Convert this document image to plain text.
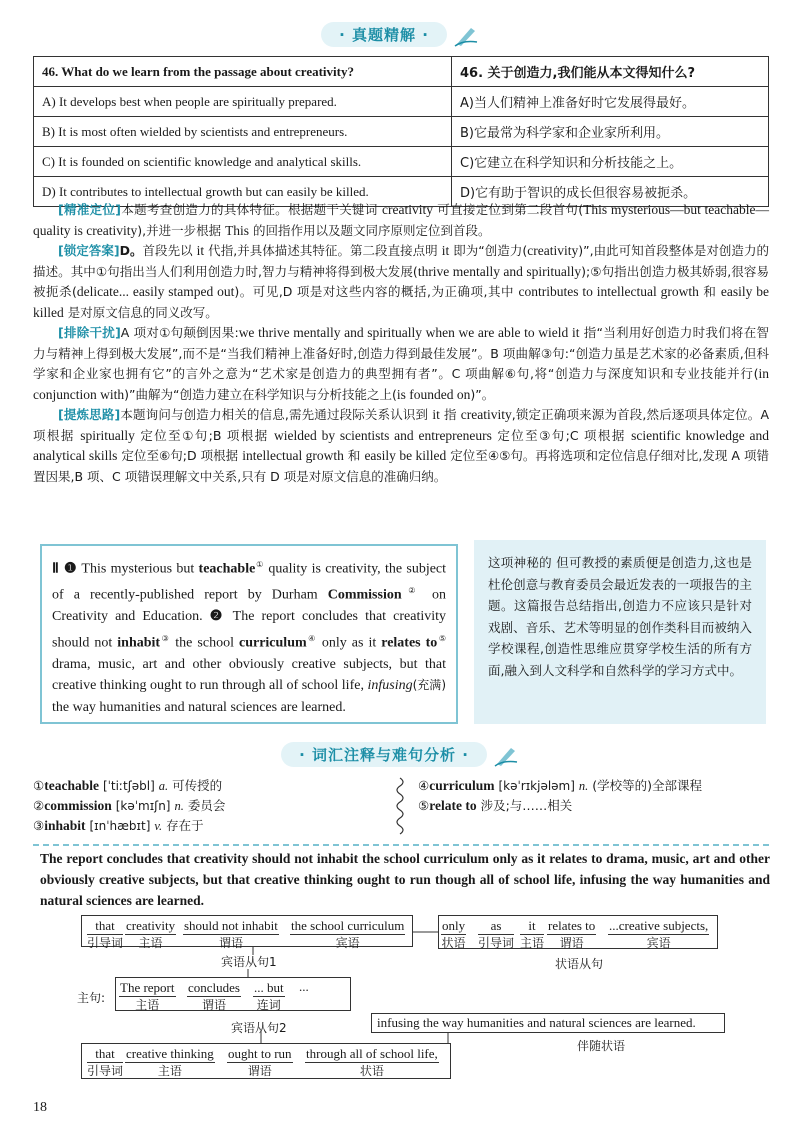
· 真题精解 ·
46. What do we learn from the passage about creativity?	46. 关于创造力,我们能从本文得知什么?
A) It develops best when people are spiritually prepared.	A)当人们精神上准备好时它发展得最好。
B) It is most often wielded by scientists and entrepreneurs.	B)它最常为科学家和企业家所利用。
C) It is founded on scientific knowledge and analytical skills.	C)它建立在科学知识和分析技能之上。
D) It contributes to intellectual growth but can easily be killed.	D)它有助于智识的成长但很容易被扼杀。

[精准定位]本题考查创造力的具体特征。根据题干关键词 creativity 可直接定位到第二段首句(This mysterious—but teachable—quality is creativity),并进一步根据 This 的回指作用以及题文同序原则定位到首段。

[锁定答案]D。首段先以 it 代指,并具体描述其特征。第二段直接点明 it 即为“创造力(creativity)”,由此可知首段整体是对创造力的描述。其中①句指出当人们利用创造力时,智力与精神将得到极大发展(thrive mentally and spiritually);⑤句指出创造力极其娇弱,很容易被扼杀(delicate... easily stamped out)。可见,D 项是对这些内容的概括,为正确项,其中 contributes to intellectual growth 和 easily be killed 是对原文信息的同义改写。

[排除干扰]A 项对①句颠倒因果:we thrive mentally and spiritually when we are able to wield it 指“当利用好创造力时我们将在智力与精神上得到极大发展”,而不是“当我们精神上准备好时,创造力得到最佳发展”。B 项曲解③句:“创造力虽是艺术家的必备素质,但科学家和企业家也拥有它”的言外之意为“艺术家是创造力的典型拥有者”。C 项曲解⑥句,将“创造力与深度知识和专业技能并行(in conjunction with)”曲解为“创造力建立在科学知识与分析技能之上(is founded on)”。

[提炼思路]本题询问与创造力相关的信息,需先通过段际关系认识到 it 指 creativity,锁定正确项来源为首段,然后逐项具体定位。A 项根据 spiritually 定位至①句;B 项根据 wielded by scientists and entrepreneurs 定位至③句;C 项根据 scientific knowledge and analytical skills 定位至⑥句;D 项根据 intellectual growth 和 easily be killed 定位至④⑤句。再将选项和定位信息仔细对比,发现 A 项错置因果,B 项、C 项错误理解文中关系,只有 D 项是对原文信息的准确归纳。

Ⅱ ❶ This mysterious but teachable① quality is creativity, the subject of a recently-published report by Durham Commission② on Creativity and Education. ❷ The report concludes that creativity should not inhabit③ the school curriculum④ only as it relates to⑤ drama, music, art and other obviously creative subjects, but that creative thinking ought to run through all of school life, infusing(充满) the way humanities and natural sciences are learned.
这项神秘的 但可教授的素质便是创造力,这也是杜伦创意与教育委员会最近发表的一项报告的主题。这篇报告总结指出,创造力不应该只是针对戏剧、音乐、艺术等明显的创作类科目而被纳入学校课程,创造性思维应贯穿学校生活的所有方面,融入到人文科学和自然科学的学习方式中。
· 词汇注释与难句分析 ·
①teachable [ˈtiːtʃəbl] a. 可传授的
②commission [kəˈmɪʃn] n. 委员会
③inhabit [ɪnˈhæbɪt] v. 存在于
④curriculum [kəˈrɪkjələm] n. (学校等的)全部课程
⑤relate to 涉及;与……相关
The report concludes that creativity should not inhabit the school curriculum only as it relates to drama, music, art and other obviously creative subjects, but that creative thinking ought to run though all of school life, infusing the way humanities and natural sciences are learned.
that
引导词
creativity
主语
should not inhabit
谓语
the school curriculum
宾语
宾语从句1
only
状语
as
引导词
it
主语
relates to
谓语
...creative subjects,
宾语
状语从句
主句:
The report
主语
concludes
谓语
... but
连词
...
宾语从句2	infusing the way humanities and natural sciences are learned.
伴随状语
that
引导词
creative thinking
主语
ought to run
谓语
through all of school life,
状语
18
